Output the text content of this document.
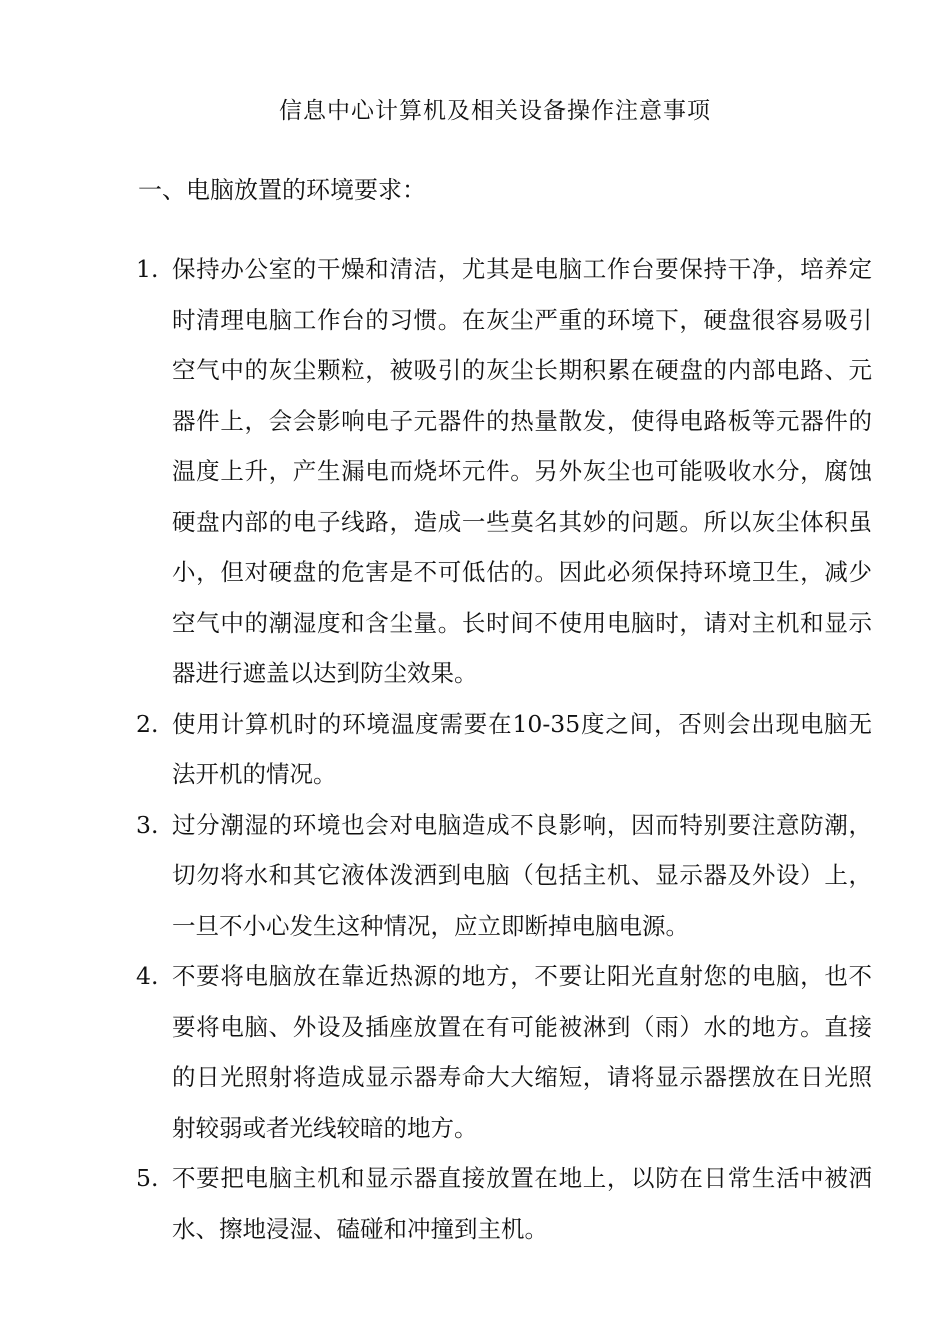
信息中心计算机及相关设备操作注意事项
一、电脑放置的环境要求：
1. 保持办公室的干燥和清洁，尤其是电脑工作台要保持干净，培养定时清理电脑工作台的习惯。在灰尘严重的环境下，硬盘很容易吸引空气中的灰尘颗粒，被吸引的灰尘长期积累在硬盘的内部电路、元器件上，会会影响电子元器件的热量散发，使得电路板等元器件的温度上升，产生漏电而烧坏元件。另外灰尘也可能吸收水分，腐蚀硬盘内部的电子线路，造成一些莫名其妙的问题。所以灰尘体积虽小，但对硬盘的危害是不可低估的。因此必须保持环境卫生，减少空气中的潮湿度和含尘量。长时间不使用电脑时，请对主机和显示器进行遮盖以达到防尘效果。
2. 使用计算机时的环境温度需要在10-35度之间，否则会出现电脑无法开机的情况。
3. 过分潮湿的环境也会对电脑造成不良影响，因而特别要注意防潮，切勿将水和其它液体泼洒到电脑（包括主机、显示器及外设）上，一旦不小心发生这种情况，应立即断掉电脑电源。
4. 不要将电脑放在靠近热源的地方，不要让阳光直射您的电脑，也不要将电脑、外设及插座放置在有可能被淋到（雨）水的地方。直接的日光照射将造成显示器寿命大大缩短，请将显示器摆放在日光照射较弱或者光线较暗的地方。
5. 不要把电脑主机和显示器直接放置在地上，以防在日常生活中被洒水、擦地浸湿、磕碰和冲撞到主机。
